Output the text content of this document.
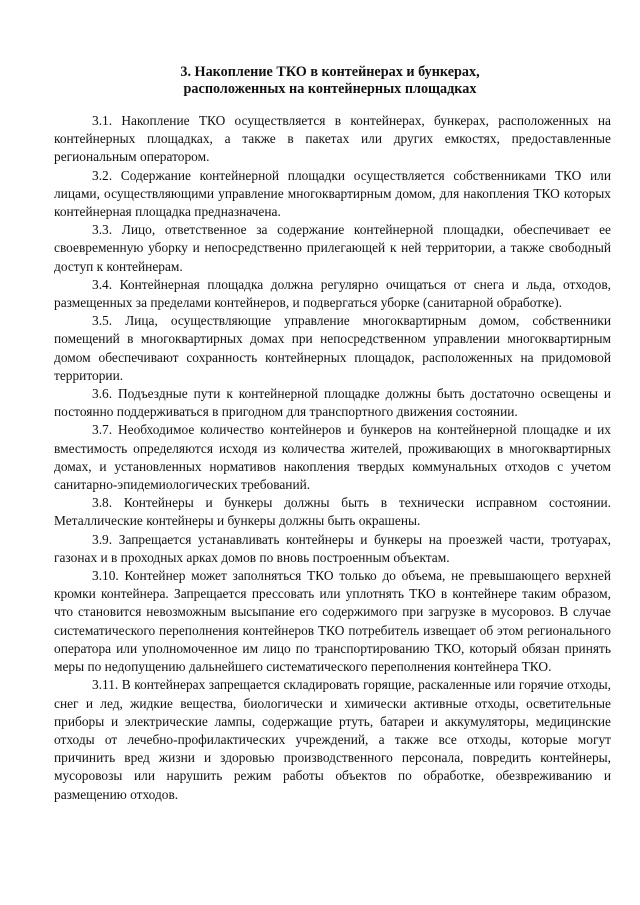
3. Накопление ТКО в контейнерах и бункерах,
расположенных на контейнерных площадках

3.1. Накопление ТКО осуществляется в контейнерах, бункерах, расположенных на контейнерных площадках, а также в пакетах или других емкостях, предоставленные региональным оператором.

3.2. Содержание контейнерной площадки осуществляется собственниками ТКО или лицами, осуществляющими управление многоквартирным домом, для накопления ТКО которых контейнерная площадка предназначена.

3.3. Лицо, ответственное за содержание контейнерной площадки, обеспечивает ее своевременную уборку и непосредственно прилегающей к ней территории, а также свободный доступ к контейнерам.

3.4. Контейнерная площадка должна регулярно очищаться от снега и льда, отходов, размещенных за пределами контейнеров, и подвергаться уборке (санитарной обработке).

3.5. Лица, осуществляющие управление многоквартирным домом, собственники помещений в многоквартирных домах при непосредственном управлении многоквартирным домом обеспечивают сохранность контейнерных площадок, расположенных на придомовой территории.

3.6. Подъездные пути к контейнерной площадке должны быть достаточно освещены и постоянно поддерживаться в пригодном для транспортного движения состоянии.

3.7. Необходимое количество контейнеров и бункеров на контейнерной площадке и их вместимость определяются исходя из количества жителей, проживающих в многоквартирных домах, и установленных нормативов накопления твердых коммунальных отходов с учетом санитарно-эпидемиологических требований.

3.8. Контейнеры и бункеры должны быть в технически исправном состоянии. Металлические контейнеры и бункеры должны быть окрашены.

3.9. Запрещается устанавливать контейнеры и бункеры на проезжей части, тротуарах, газонах и в проходных арках домов по вновь построенным объектам.

3.10. Контейнер может заполняться ТКО только до объема, не превышающего верхней кромки контейнера. Запрещается прессовать или уплотнять ТКО в контейнере таким образом, что становится невозможным высыпание его содержимого при загрузке в мусоровоз. В случае систематического переполнения контейнеров ТКО потребитель извещает об этом регионального оператора или уполномоченное им лицо по транспортированию ТКО, который обязан принять меры по недопущению дальнейшего систематического переполнения контейнера ТКО.

3.11. В контейнерах запрещается складировать горящие, раскаленные или горячие отходы, снег и лед, жидкие вещества, биологически и химически активные отходы, осветительные приборы и электрические лампы, содержащие ртуть, батареи и аккумуляторы, медицинские отходы от лечебно-профилактических учреждений, а также все отходы, которые могут причинить вред жизни и здоровью производственного персонала, повредить контейнеры, мусоровозы или нарушить режим работы объектов по обработке, обезвреживанию и размещению отходов.
